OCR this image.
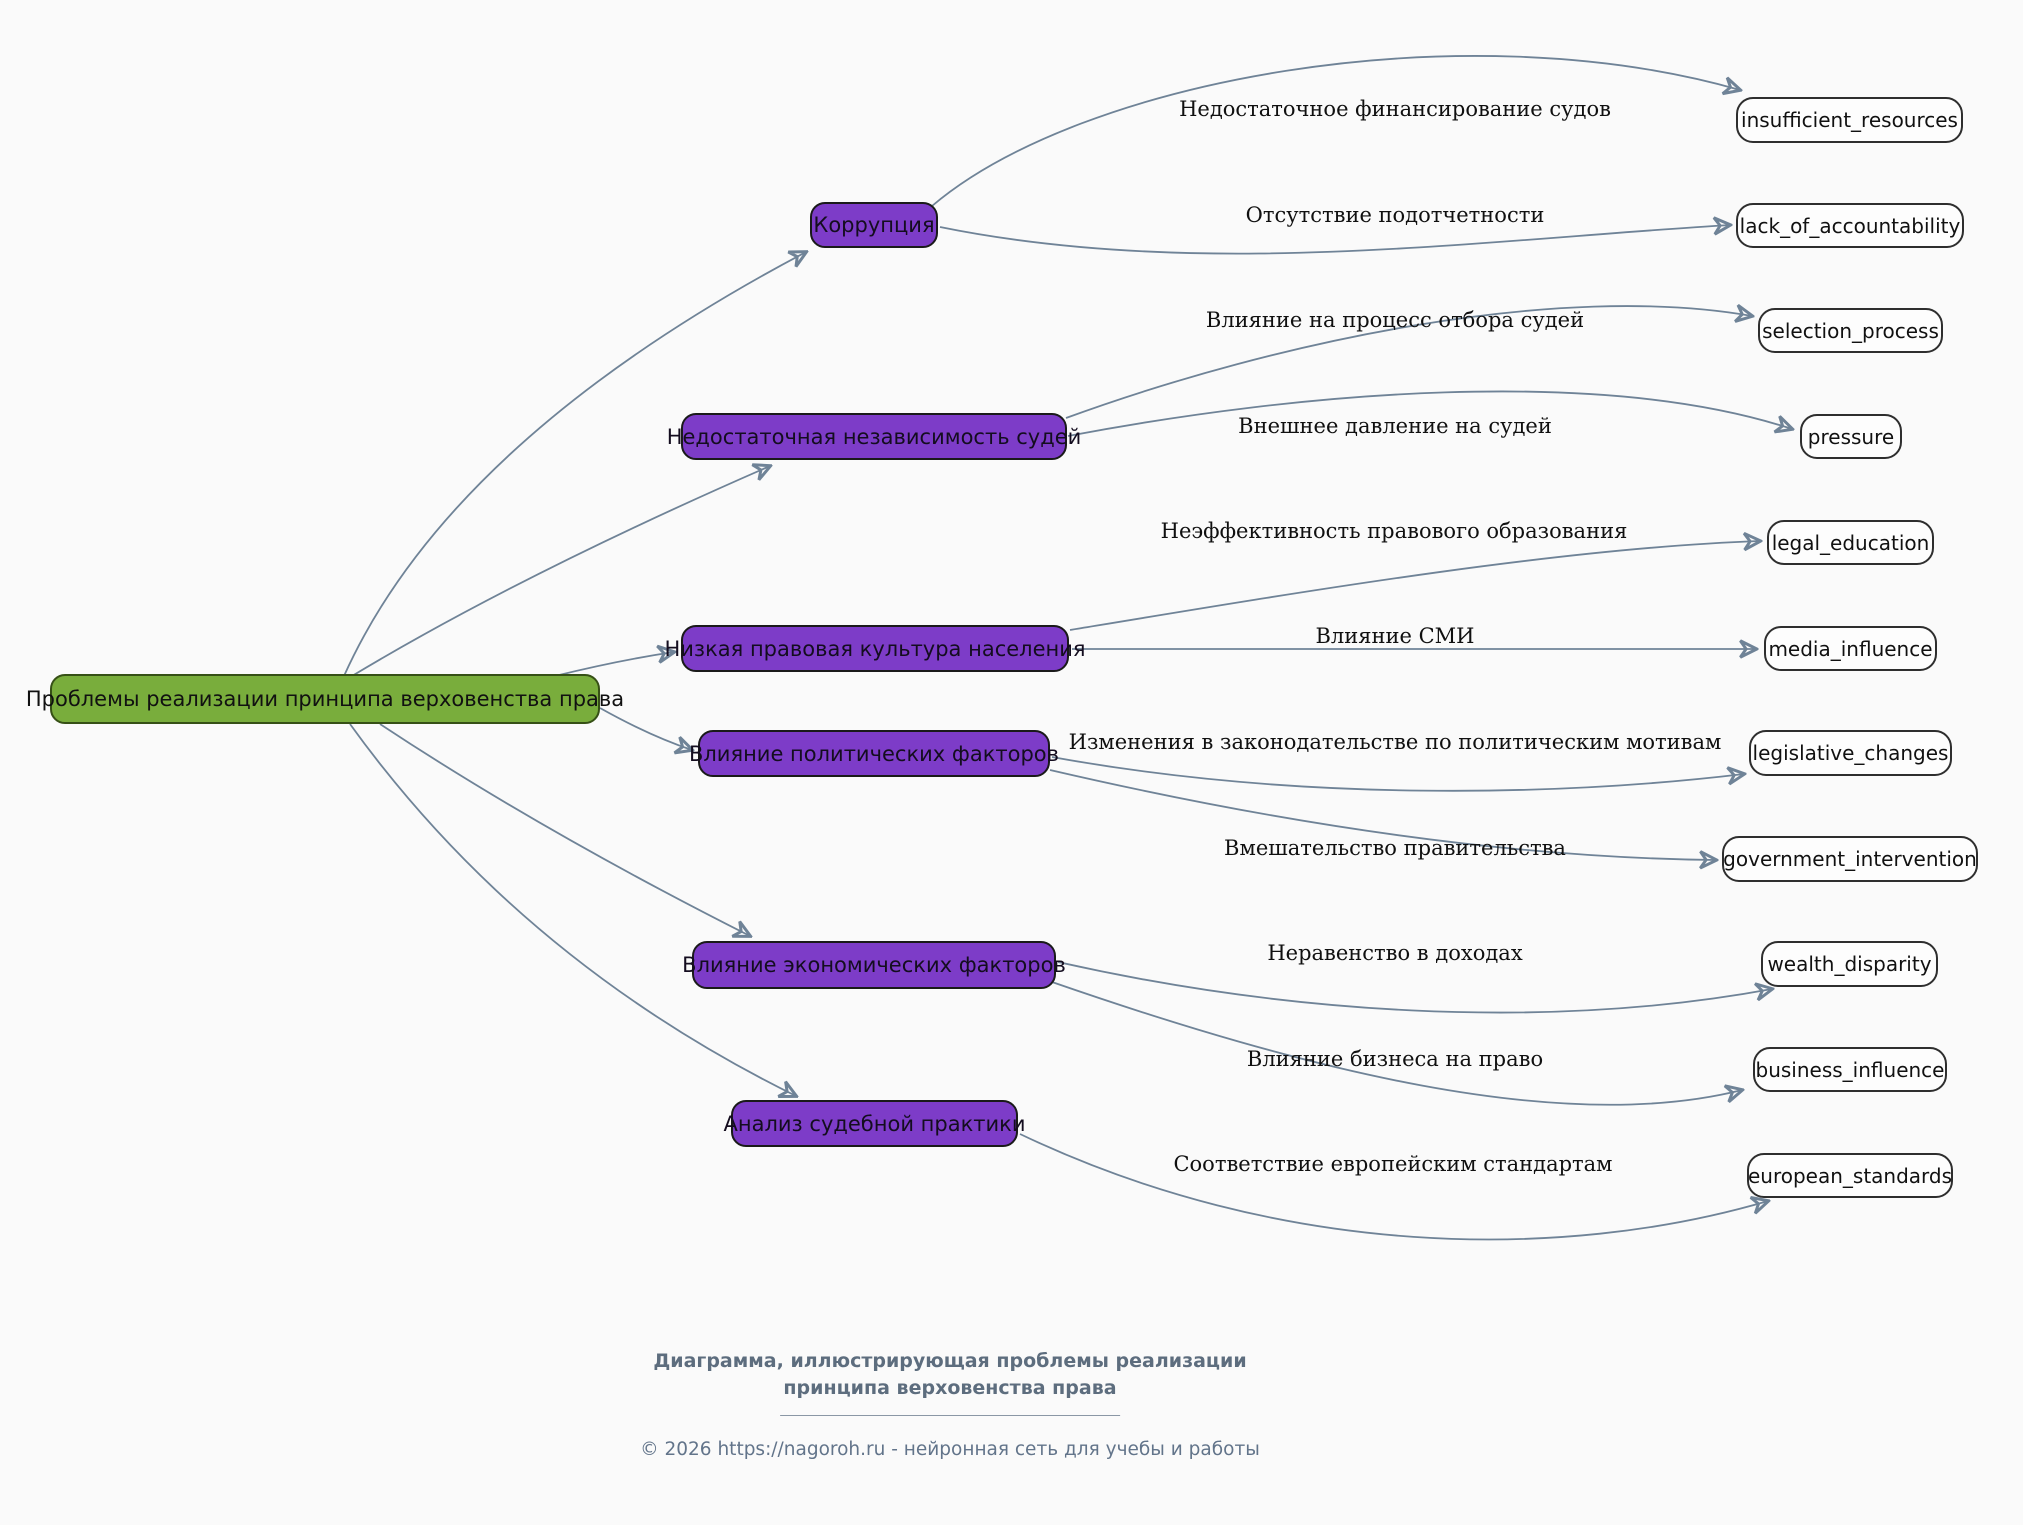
Проблемы реализации принципа верховенства права
Коррупция
Недостаточная независимость судей
Низкая правовая культура населения
Влияние политических факторов
Влияние экономических факторов
Анализ судебной практики
insufficient_resources
lack_of_accountability
selection_process
pressure
legal_education
media_influence
legislative_changes
government_intervention
wealth_disparity
business_influence
european_standards
Недостаточное финансирование судов
Отсутствие подотчетности
Влияние на процесс отбора судей
Внешнее давление на судей
Неэффективность правового образования
Влияние СМИ
Изменения в законодательстве по политическим мотивам
Вмешательство правительства
Неравенство в доходах
Влияние бизнеса на право
Соответствие европейским стандартам
Диаграмма, иллюстрирующая проблемы реализации
принципа верховенства права
© 2026 https://nagoroh.ru - нейронная сеть для учебы и работы
